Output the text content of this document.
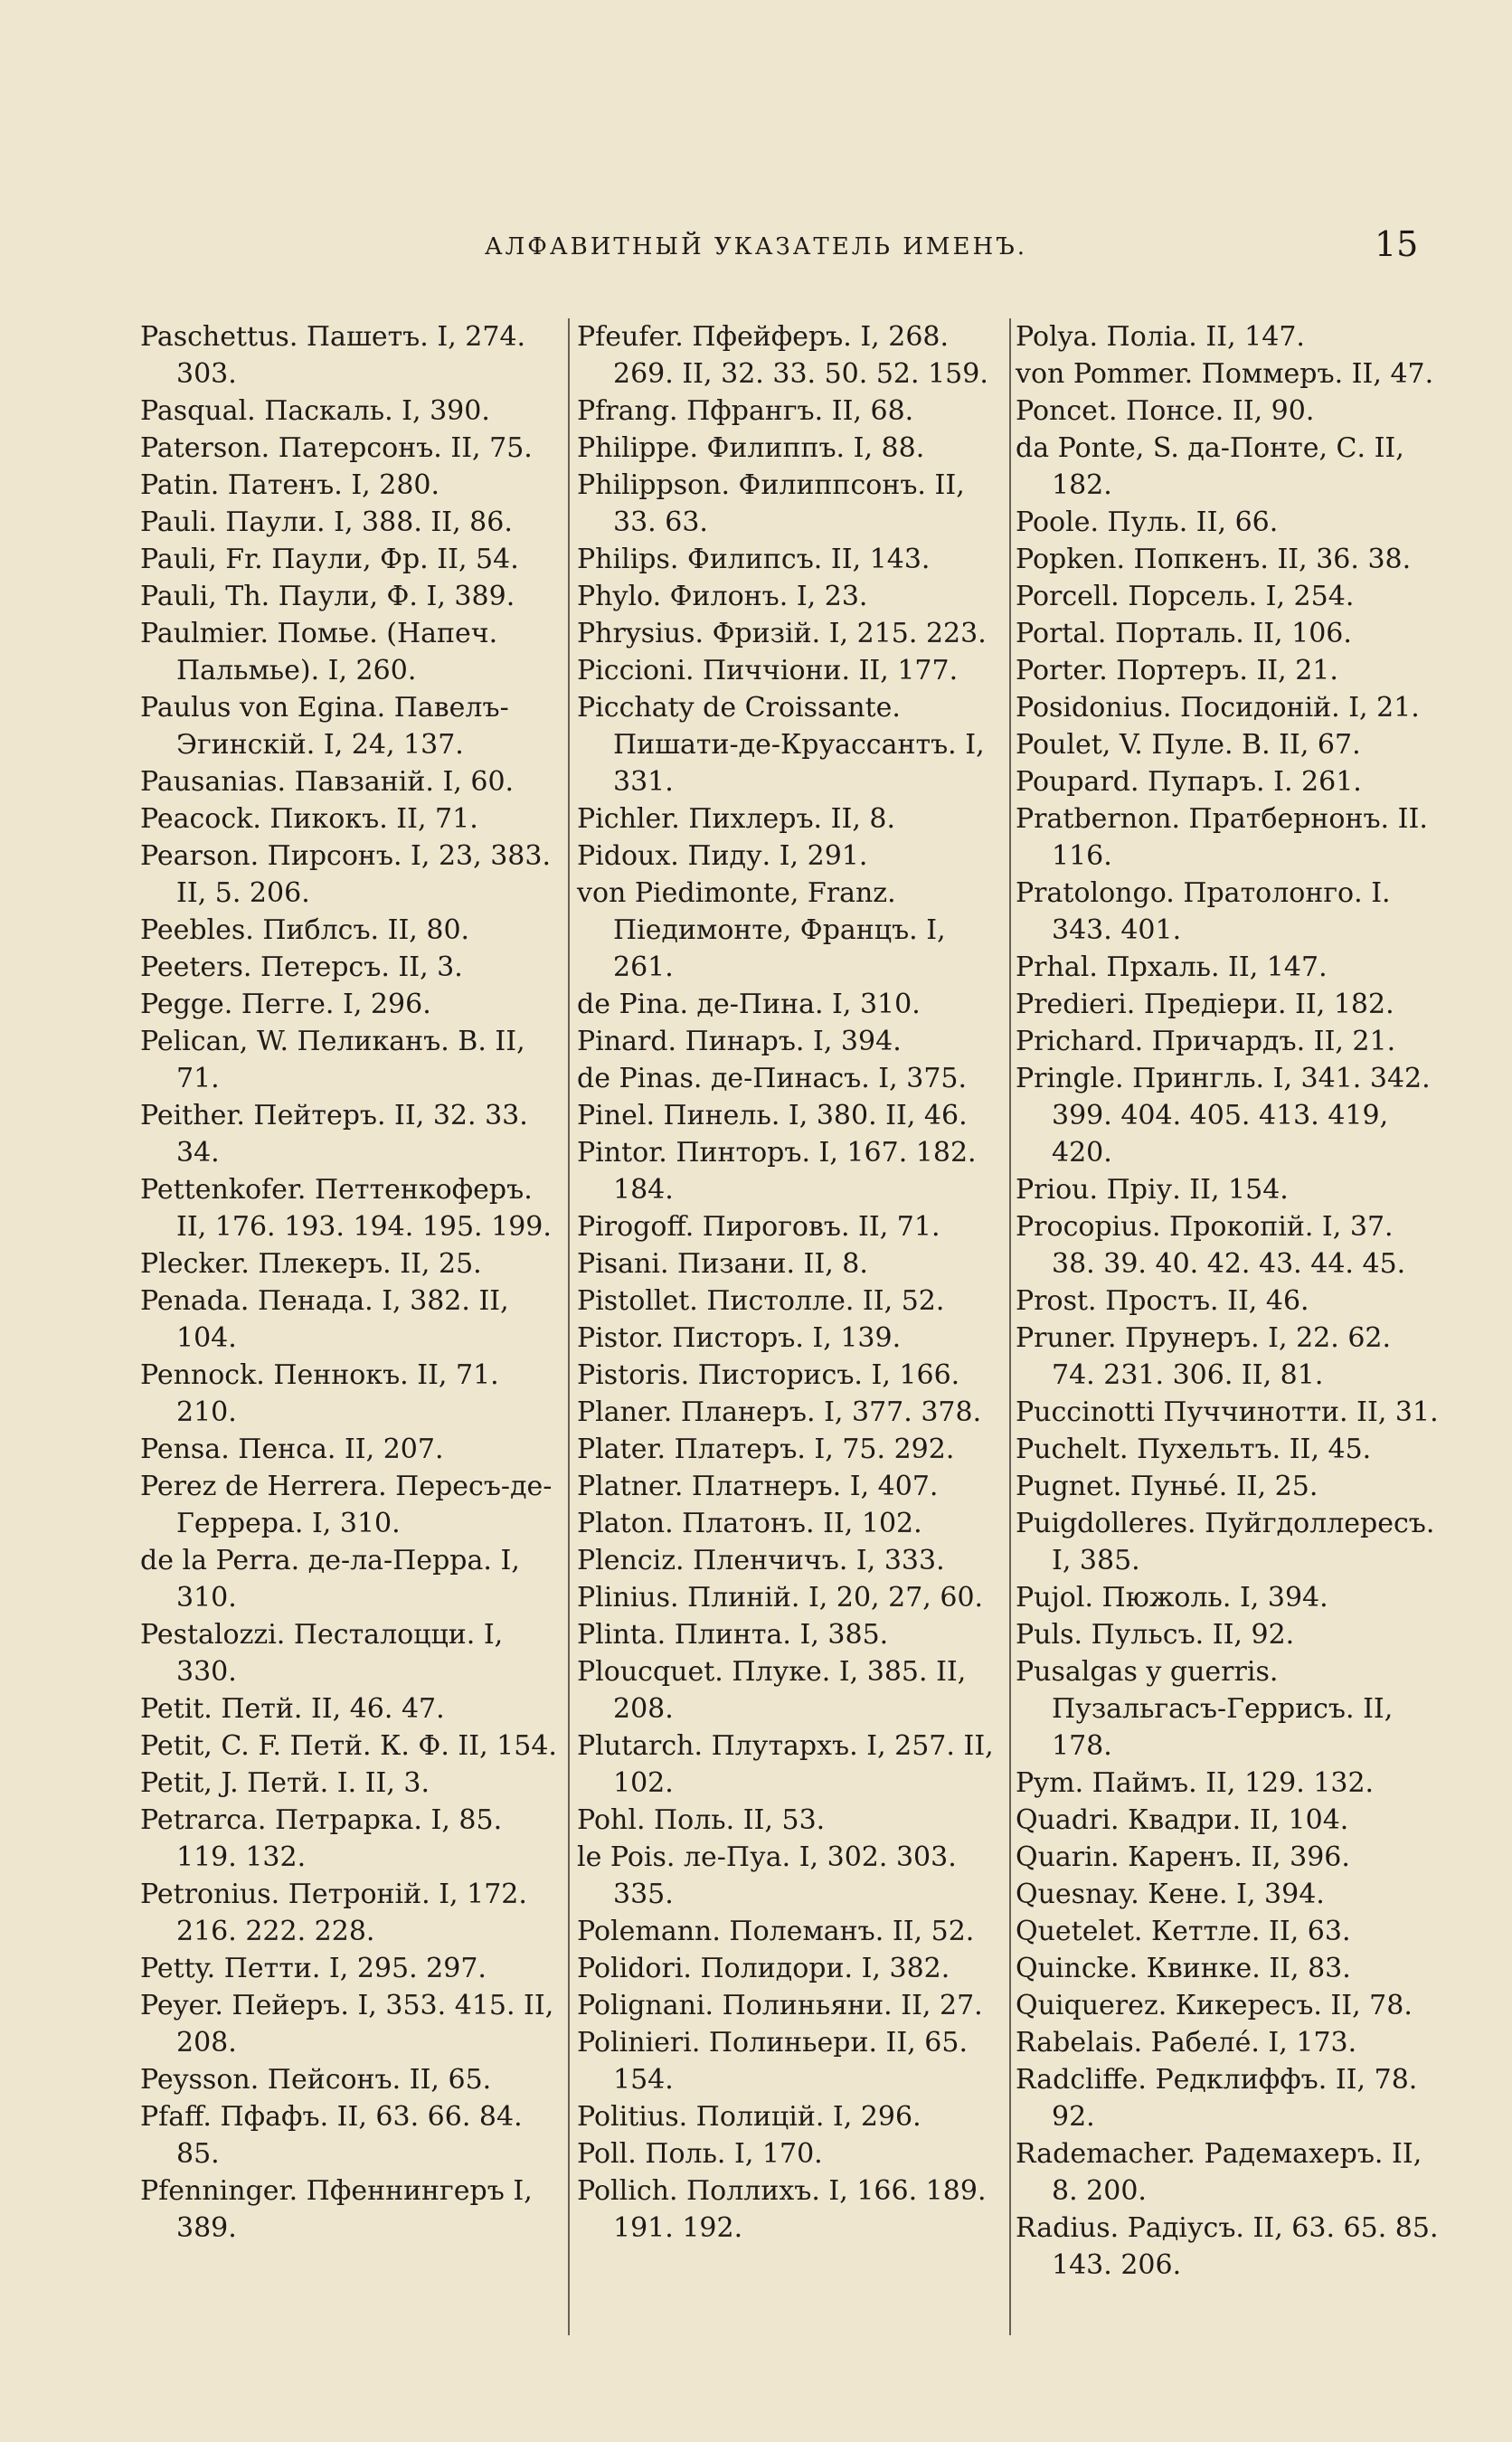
АЛФАВИТНЫЙ УКАЗАТЕЛЬ ИМЕНЪ.	15
Paschettus. Пашетъ. I, 274. 303.
Pasqual. Паскаль. I, 390.
Paterson. Патерсонъ. II, 75.
Patin. Патенъ. I, 280.
Pauli. Паули. I, 388. II, 86.
Pauli, Fr. Паули, Фр. II, 54.
Pauli, Th. Паули, Ф. I, 389.
Paulmier. Помье. (Напеч. Пальмье). I, 260.
Paulus von Egina. Павелъ-Эгинскій. I, 24, 137.
Pausanias. Павзаній. I, 60.
Peacock. Пикокъ. II, 71.
Pearson. Пирсонъ. I, 23, 383. II, 5. 206.
Peebles. Пиблсъ. II, 80.
Peeters. Петерсъ. II, 3.
Pegge. Пегге. I, 296.
Pelican, W. Пеликанъ. В. II, 71.
Peither. Пейтеръ. II, 32. 33. 34.
Pettenkofer. Петтенкоферъ. II, 176. 193. 194. 195. 199.
Plecker. Плекеръ. II, 25.
Penada. Пенада. I, 382. II, 104.
Pennock. Пеннокъ. II, 71. 210.
Pensa. Пенса. II, 207.
Perez de Herrera. Пересъ-де-Геррера. I, 310.
de la Perra. де-ла-Перра. I, 310.
Pestalozzi. Песталоцци. I, 330.
Petit. Петй. II, 46. 47.
Petit, C. F. Петй. К. Ф. II, 154.
Petit, J. Петй. I. II, 3.
Petrarca. Петрарка. I, 85. 119. 132.
Petronius. Петроній. I, 172. 216. 222. 228.
Petty. Петти. I, 295. 297.
Peyer. Пейеръ. I, 353. 415. II, 208.
Peysson. Пейсонъ. II, 65.
Pfaff. Пфафъ. II, 63. 66. 84. 85.
Pfenninger. Пфеннингеръ I, 389.
Pfeufer. Пфейферъ. I, 268. 269. II, 32. 33. 50. 52. 159.
Pfrang. Пфрангъ. II, 68.
Philippe. Филиппъ. I, 88.
Philippson. Филиппсонъ. II, 33. 63.
Philips. Филипсъ. II, 143.
Phylo. Филонъ. I, 23.
Phrysius. Фризій. I, 215. 223.
Piccioni. Пиччіони. II, 177.
Picchaty de Croissante. Пишати-де-Круассантъ. I, 331.
Pichler. Пихлеръ. II, 8.
Pidoux. Пиду. I, 291.
von Piedimonte, Franz. Піедимонте, Францъ. I, 261.
de Pina. де-Пина. I, 310.
Pinard. Пинаръ. I, 394.
de Pinas. де-Пинасъ. I, 375.
Pinel. Пинель. I, 380. II, 46.
Pintor. Пинторъ. I, 167. 182. 184.
Pirogoff. Пироговъ. II, 71.
Pisani. Пизани. II, 8.
Pistollet. Пистолле. II, 52.
Pistor. Писторъ. I, 139.
Pistoris. Писторисъ. I, 166.
Planer. Планеръ. I, 377. 378.
Plater. Платеръ. I, 75. 292.
Platner. Платнеръ. I, 407.
Platon. Платонъ. II, 102.
Plenciz. Пленчичъ. I, 333.
Plinius. Плиній. I, 20, 27, 60.
Plinta. Плинта. I, 385.
Ploucquet. Плуке. I, 385. II, 208.
Plutarch. Плутархъ. I, 257. II, 102.
Pohl. Поль. II, 53.
le Pois. ле-Пуа. I, 302. 303. 335.
Polemann. Полеманъ. II, 52.
Polidori. Полидори. I, 382.
Polignani. Полиньяни. II, 27.
Poliniеri. Полиньери. II, 65. 154.
Politius. Полицій. I, 296.
Poll. Поль. I, 170.
Pollich. Поллихъ. I, 166. 189. 191. 192.
Polya. Поліа. II, 147.
von Pommer. Поммеръ. II, 47.
Poncet. Понсе. II, 90.
da Ponte, S. да-Понте, С. II, 182.
Poole. Пуль. II, 66.
Popken. Попкенъ. II, 36. 38.
Porcell. Порсель. I, 254.
Portal. Порталь. II, 106.
Porter. Портеръ. II, 21.
Posidonius. Посидоній. I, 21.
Poulet, V. Пуле. В. II, 67.
Poupard. Пупаръ. I. 261.
Pratbernon. Пратбернонъ. II. 116.
Pratolongo. Пратолонго. I. 343. 401.
Prhal. Прхаль. II, 147.
Predieri. Предіери. II, 182.
Prichard. Причардъ. II, 21.
Pringle. Прингль. I, 341. 342. 399. 404. 405. 413. 419, 420.
Priou. Пріу. II, 154.
Procopius. Прокопій. I, 37. 38. 39. 40. 42. 43. 44. 45.
Prost. Простъ. II, 46.
Pruner. Прунеръ. I, 22. 62. 74. 231. 306. II, 81.
Puccinotti Пуччинотти. II, 31.
Puchelt. Пухельтъ. II, 45.
Pugnet. Пуньé. II, 25.
Puigdolleres. Пуйгдоллересъ. I, 385.
Pujol. Пюжоль. I, 394.
Puls. Пульсъ. II, 92.
Pusalgas y guerris. Пузальгасъ-Геррисъ. II, 178.
Pym. Паймъ. II, 129. 132.
Quadri. Квадри. II, 104.
Quarin. Каренъ. II, 396.
Quesnay. Кене. I, 394.
Quetelet. Кеттле. II, 63.
Quincke. Квинке. II, 83.
Quiquerez. Кикересъ. II, 78.
Rabelais. Рабелé. I, 173.
Radcliffe. Редклиффъ. II, 78. 92.
Rademacher. Радемахеръ. II, 8. 200.
Radius. Радіусъ. II, 63. 65. 85. 143. 206.
